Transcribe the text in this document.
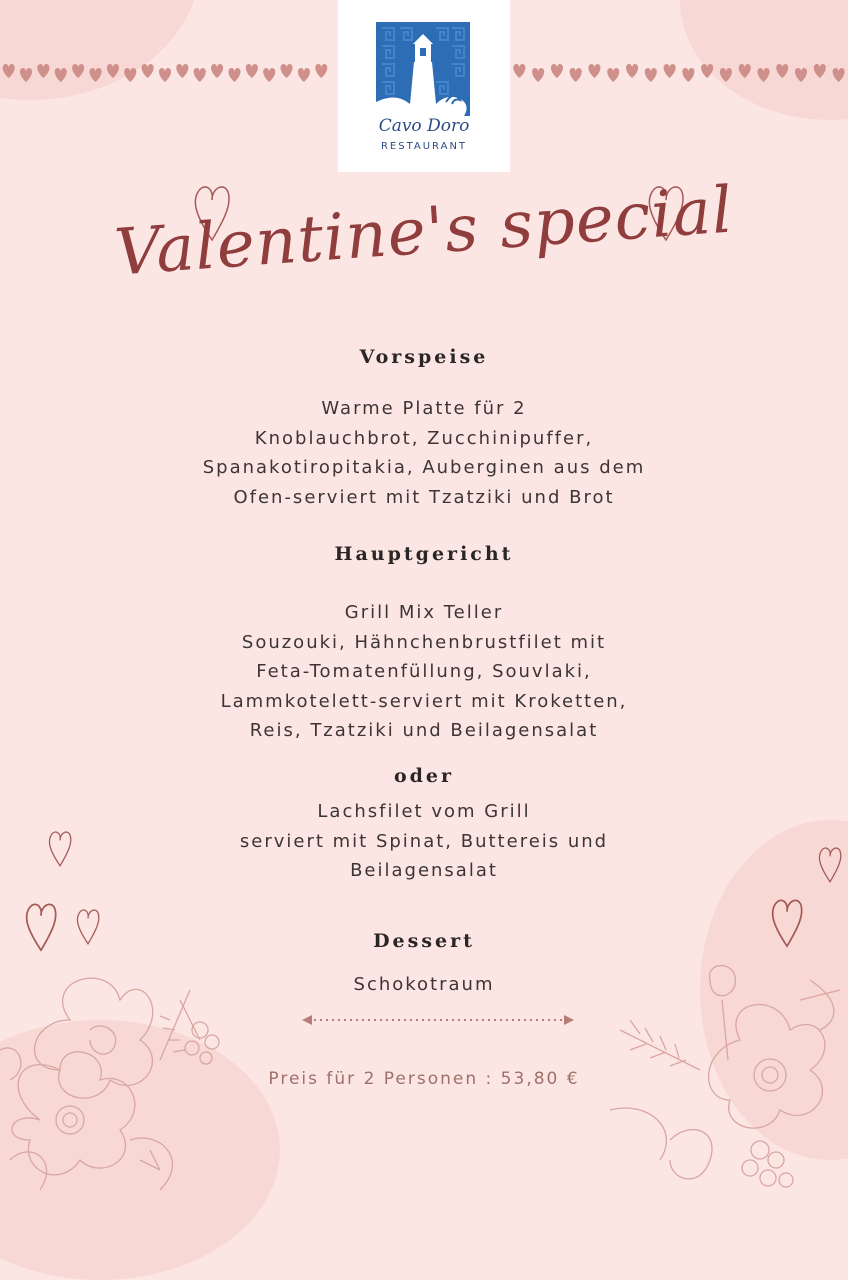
Cavo Doro
RESTAURANT
Valentine's special
Vorspeise
Warme Platte für 2
Knoblauchbrot, Zucchinipuffer,
Spanakotiropitakia, Auberginen aus dem
Ofen-serviert mit Tzatziki und Brot
Hauptgericht
Grill Mix Teller
Souzouki, Hähnchenbrustfilet mit
Feta-Tomatenfüllung, Souvlaki,
Lammkotelett-serviert mit Kroketten,
Reis, Tzatziki und Beilagensalat
oder
Lachsfilet vom Grill
serviert mit Spinat, Buttereis und
Beilagensalat
Dessert
Schokotraum
Preis für 2 Personen : 53,80 €
